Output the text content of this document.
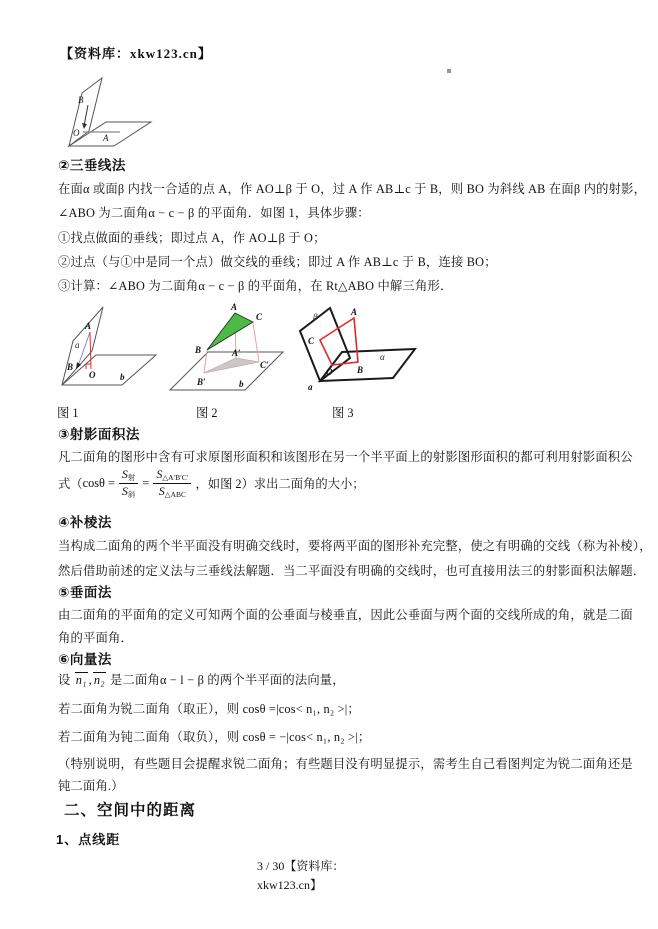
【资料库：xkw123.cn】
B
O	A
②三垂线法
在面α 或面β 内找一合适的点 A，作 AO⊥β 于 O，过 A 作 AB⊥c 于 B，则 BO 为斜线 AB 在面β 内的射影，
∠ABO 为二面角α − c − β 的平面角．如图 1，具体步骤：
①找点做面的垂线；即过点 A，作 AO⊥β 于 O；
②过点（与①中是同一个点）做交线的垂线；即过 A 作 AB⊥c 于 B，连接 BO；
③计算：∠ABO 为二面角α − c − β 的平面角，在 Rt△ABO 中解三角形．
A
B
O
a
b
A
C
B	A′
C′
B′	b
A
C
O	B
β
α
a
图 1	图 2	图 3
③射影面积法
凡二面角的图形中含有可求原图形面积和该图形在另一个半平面上的射影图形面积的都可利用射影面积公
式（ cosθ =
$S_射$
$S_斜$
=
$S_{\triangle A'B'C'}$
$S_{\triangle ABC}$
，如图 2）求出二面角的大小；
④补棱法
当构成二面角的两个半平面没有明确交线时，要将两平面的图形补充完整，使之有明确的交线（称为补棱），
然后借助前述的定义法与三垂线法解题．当二平面没有明确的交线时，也可直接用法三的射影面积法解题．
⑤垂面法
由二面角的平面角的定义可知两个面的公垂面与棱垂直，因此公垂面与两个面的交线所成的角，就是二面
角的平面角．
⑥向量法
设 n₁ , n₂ 是二面角α − l − β 的两个半平面的法向量，
若二面角为锐二面角（取正），则 cosθ =|cos< n₁, n₂ >|；
若二面角为钝二面角（取负），则 cosθ = −|cos< n₁, n₂ >|；
（特别说明，有些题目会提醒求锐二面角；有些题目没有明显提示，需考生自己看图判定为锐二面角还是
钝二面角.）
二、空间中的距离
1、点线距
3 / 30【资料库：
xkw123.cn】
